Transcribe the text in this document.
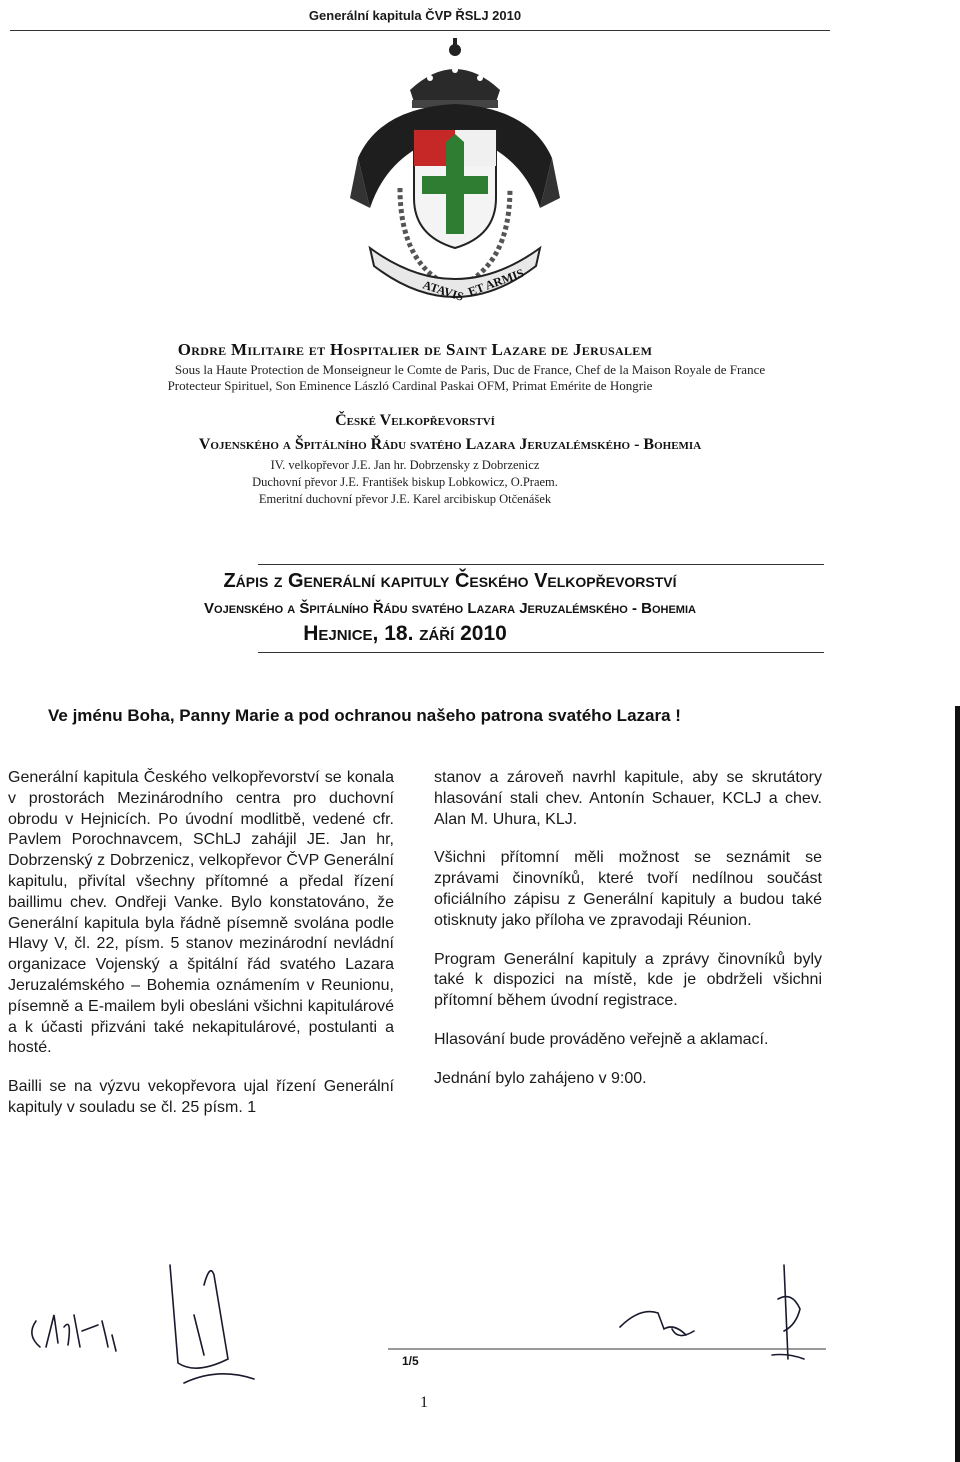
Generální kapitula ČVP ŘSLJ 2010
ATAVIS ET ARMIS
Ordre Militaire et Hospitalier de Saint Lazare de Jerusalem
Sous la Haute Protection de Monseigneur le Comte de Paris, Duc de France, Chef de la Maison Royale de France
Protecteur Spirituel, Son Eminence László Cardinal Paskai OFM, Primat Emérite de Hongrie
České Velkopřevorství
Vojenského a Špitálního Řádu svatého Lazara Jeruzalémského - Bohemia
IV. velkopřevor J.E. Jan hr. Dobrzensky z Dobrzenicz
Duchovní převor J.E. František biskup Lobkowicz, O.Praem.
Emeritní duchovní převor J.E. Karel arcibiskup Otčenášek
Zápis z Generální kapituly Českého Velkopřevorství
Vojenského a Špitálního Řádu svatého Lazara Jeruzalémského - Bohemia
Hejnice, 18. září 2010
Ve jménu Boha, Panny Marie a pod ochranou našeho patrona svatého Lazara !

Generální kapitula Českého velkopřevorství se konala v prostorách Mezinárodního centra pro duchovní obrodu v Hejnicích. Po úvodní modlitbě, vedené cfr. Pavlem Porochnavcem, SChLJ zahájil JE. Jan hr, Dobrzenský z Dobrzenicz, velkopřevor ČVP Generální kapitulu, přivítal všechny přítomné a předal řízení baillimu chev. Ondřeji Vanke. Bylo konstatováno, že Generální kapitula byla řádně písemně svolána podle Hlavy V, čl. 22, písm. 5 stanov mezinárodní nevládní organizace Vojenský a špitální řád svatého Lazara Jeruzalémského – Bohemia oznámením v Reunionu, písemně a E-mailem byli obesláni všichni kapitulárové a k účasti přizváni také nekapitulárové, postulanti a hosté.

Bailli se na výzvu vekopřevora ujal řízení Generální kapituly v souladu se čl. 25 písm. 1

stanov a zároveň navrhl kapitule, aby se skrutátory hlasování stali chev. Antonín Schauer, KCLJ a chev. Alan M. Uhura, KLJ.

Všichni přítomní měli možnost se seznámit se zprávami činovníků, které tvoří nedílnou součást oficiálního zápisu z Generální kapituly a budou také otisknuty jako příloha ve zpravodaji Réunion.

Program Generální kapituly a zprávy činovníků byly také k dispozici na místě, kde je obdrželi všichni přítomní během úvodní registrace.

Hlasování bude prováděno veřejně a aklamací.

Jednání bylo zahájeno v 9:00.

1/5
1
